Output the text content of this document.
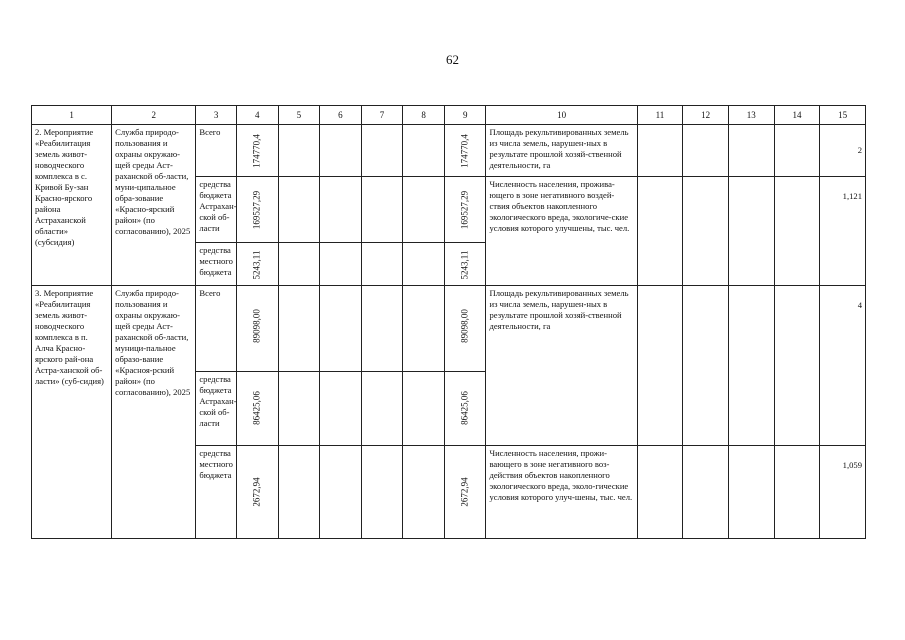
62
1	2	3	4	5	6	7	8	9	10	11	12	13	14	15
2. Мероприятие «Реабилитация земель живот-новодческого комплекса в с. Кривой Бу-зан Красно-ярского района Астраханской области» (субсидия)	Служба природо-пользования и охраны окружаю-щей среды Аст-раханской об-ласти, муни-ципальное обра-зование «Красно-ярский район» (по согласованию), 2025	Всего	174770,4					174770,4	Площадь рекультивированных земель из числа земель, нарушен-ных в результате прошлой хозяй-ственной деятельности, га					2
		средства бюджета Астрахан-ской об-ласти	169527,29					169527,29	Численность населения, прожива-ющего в зоне негативного воздей-ствия объектов накопленного экологического вреда, экологиче-ские условия которого улучшены, тыс. чел.					1,121
		средства местного бюджета	5243,11					5243,11						

3. Мероприятие «Реабилитация земель живот-новодческого комплекса в п. Алча Красно-ярского рай-она Астра-ханской об-ласти» (суб-сидия)	Служба природо-пользования и охраны окружаю-щей среды Аст-раханской об-ласти, муници-пальное образо-вание «Красноя-рский район» (по согласованию), 2025	Всего	89098,00					89098,00	Площадь рекультивированных земель из числа земель, нарушен-ных в результате прошлой хозяй-ственной деятельности, га					4
		средства бюджета Астрахан-ской об-ласти	86425,06					86425,06						

		средства местного бюджета	2672,94					2672,94	Численность населения, прожи-вающего в зоне негативного воз-действия объектов накопленного экологического вреда, эколо-гические условия которого улуч-шены, тыс. чел.					1,059
